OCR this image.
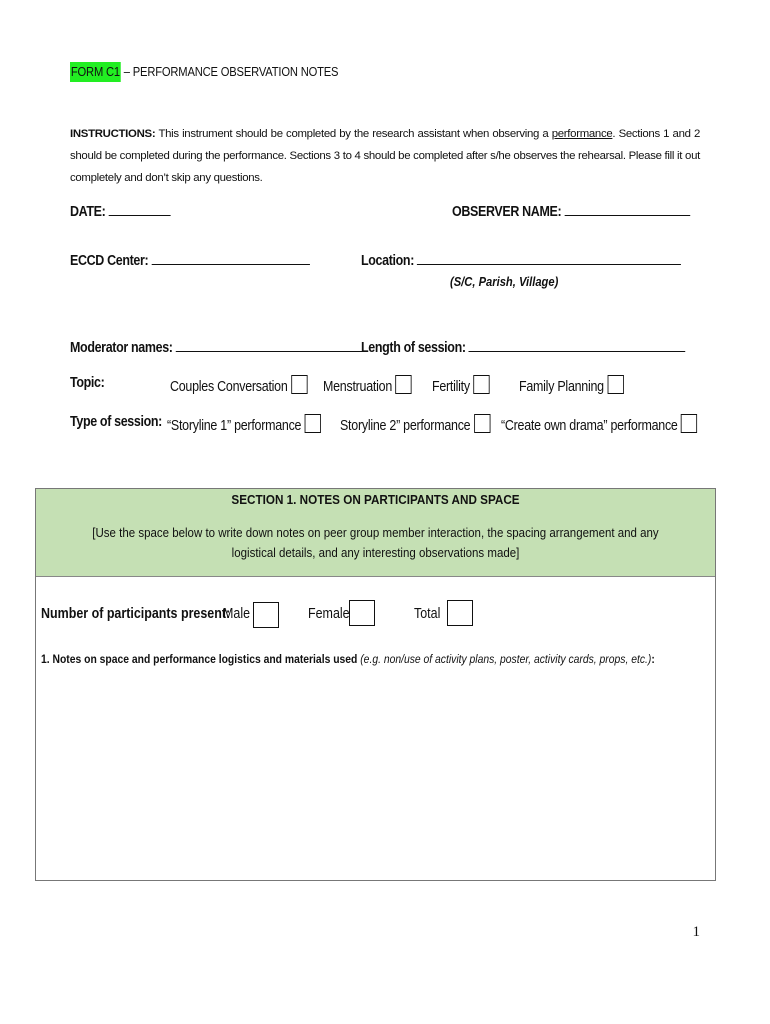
FORM C1 – PERFORMANCE OBSERVATION NOTES
INSTRUCTIONS: This instrument should be completed by the research assistant when observing a performance. Sections 1 and 2 should be completed during the performance. Sections 3 to 4 should be completed after s/he observes the rehearsal. Please fill it out completely and don’t skip any questions.
DATE:	OBSERVER NAME:
ECCD Center:	Location:
(S/C, Parish, Village)
Moderator names:	Length of session:
Topic:	Couples Conversation	Menstruation	Fertility	Family Planning
Type of session: “Storyline 1” performance	Storyline 2” performance	“Create own drama” performance
SECTION 1. NOTES ON PARTICIPANTS AND SPACE
[Use the space below to write down notes on peer group member interaction, the spacing arrangement and any logistical details, and any interesting observations made]
Number of participants present:
Male	Female	Total
1. Notes on space and performance logistics and materials used (e.g. non/use of activity plans, poster, activity cards, props, etc.):
1
